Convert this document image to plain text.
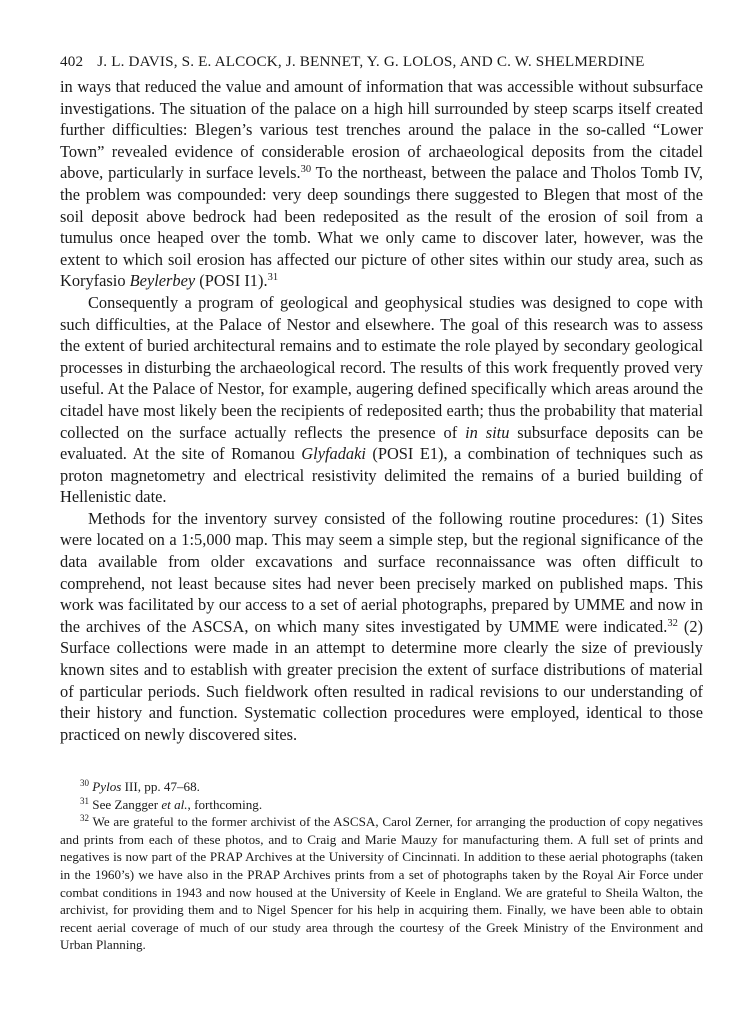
402 J. L. DAVIS, S. E. ALCOCK, J. BENNET, Y. G. LOLOS, AND C. W. SHELMERDINE

in ways that reduced the value and amount of information that was accessible without subsurface investigations. The situation of the palace on a high hill surrounded by steep scarps itself created further difficulties: Blegen’s various test trenches around the palace in the so-called “Lower Town” revealed evidence of considerable erosion of archaeological deposits from the citadel above, particularly in surface levels.$^{30}$ To the northeast, between the palace and Tholos Tomb IV, the problem was compounded: very deep soundings there suggested to Blegen that most of the soil deposit above bedrock had been redeposited as the result of the erosion of soil from a tumulus once heaped over the tomb. What we only came to discover later, however, was the extent to which soil erosion has affected our picture of other sites within our study area, such as Koryfasio Beylerbey (POSI I1).$^{31}$

Consequently a program of geological and geophysical studies was designed to cope with such difficulties, at the Palace of Nestor and elsewhere. The goal of this research was to assess the extent of buried architectural remains and to estimate the role played by secondary geological processes in disturbing the archaeological record. The results of this work frequently proved very useful. At the Palace of Nestor, for example, augering defined specifically which areas around the citadel have most likely been the recipients of redeposited earth; thus the probability that material collected on the surface actually reflects the presence of in situ subsurface deposits can be evaluated. At the site of Romanou Glyfadaki (POSI E1), a combination of techniques such as proton magnetometry and electrical resistivity delimited the remains of a buried building of Hellenistic date.

Methods for the inventory survey consisted of the following routine procedures: (1) Sites were located on a 1:5,000 map. This may seem a simple step, but the regional significance of the data available from older excavations and surface reconnaissance was often difficult to comprehend, not least because sites had never been precisely marked on published maps. This work was facilitated by our access to a set of aerial photographs, prepared by UMME and now in the archives of the ASCSA, on which many sites investigated by UMME were indicated.$^{32}$ (2) Surface collections were made in an attempt to determine more clearly the size of previously known sites and to establish with greater precision the extent of surface distributions of material of particular periods. Such fieldwork often resulted in radical revisions to our understanding of their history and function. Systematic collection procedures were employed, identical to those practiced on newly discovered sites.

$^{30}$ Pylos III, pp. 47–68.

$^{31}$ See Zangger et al., forthcoming.

$^{32}$ We are grateful to the former archivist of the ASCSA, Carol Zerner, for arranging the production of copy negatives and prints from each of these photos, and to Craig and Marie Mauzy for manufacturing them. A full set of prints and negatives is now part of the PRAP Archives at the University of Cincinnati. In addition to these aerial photographs (taken in the 1960’s) we have also in the PRAP Archives prints from a set of photographs taken by the Royal Air Force under combat conditions in 1943 and now housed at the University of Keele in England. We are grateful to Sheila Walton, the archivist, for providing them and to Nigel Spencer for his help in acquiring them. Finally, we have been able to obtain recent aerial coverage of much of our study area through the courtesy of the Greek Ministry of the Environment and Urban Planning.
